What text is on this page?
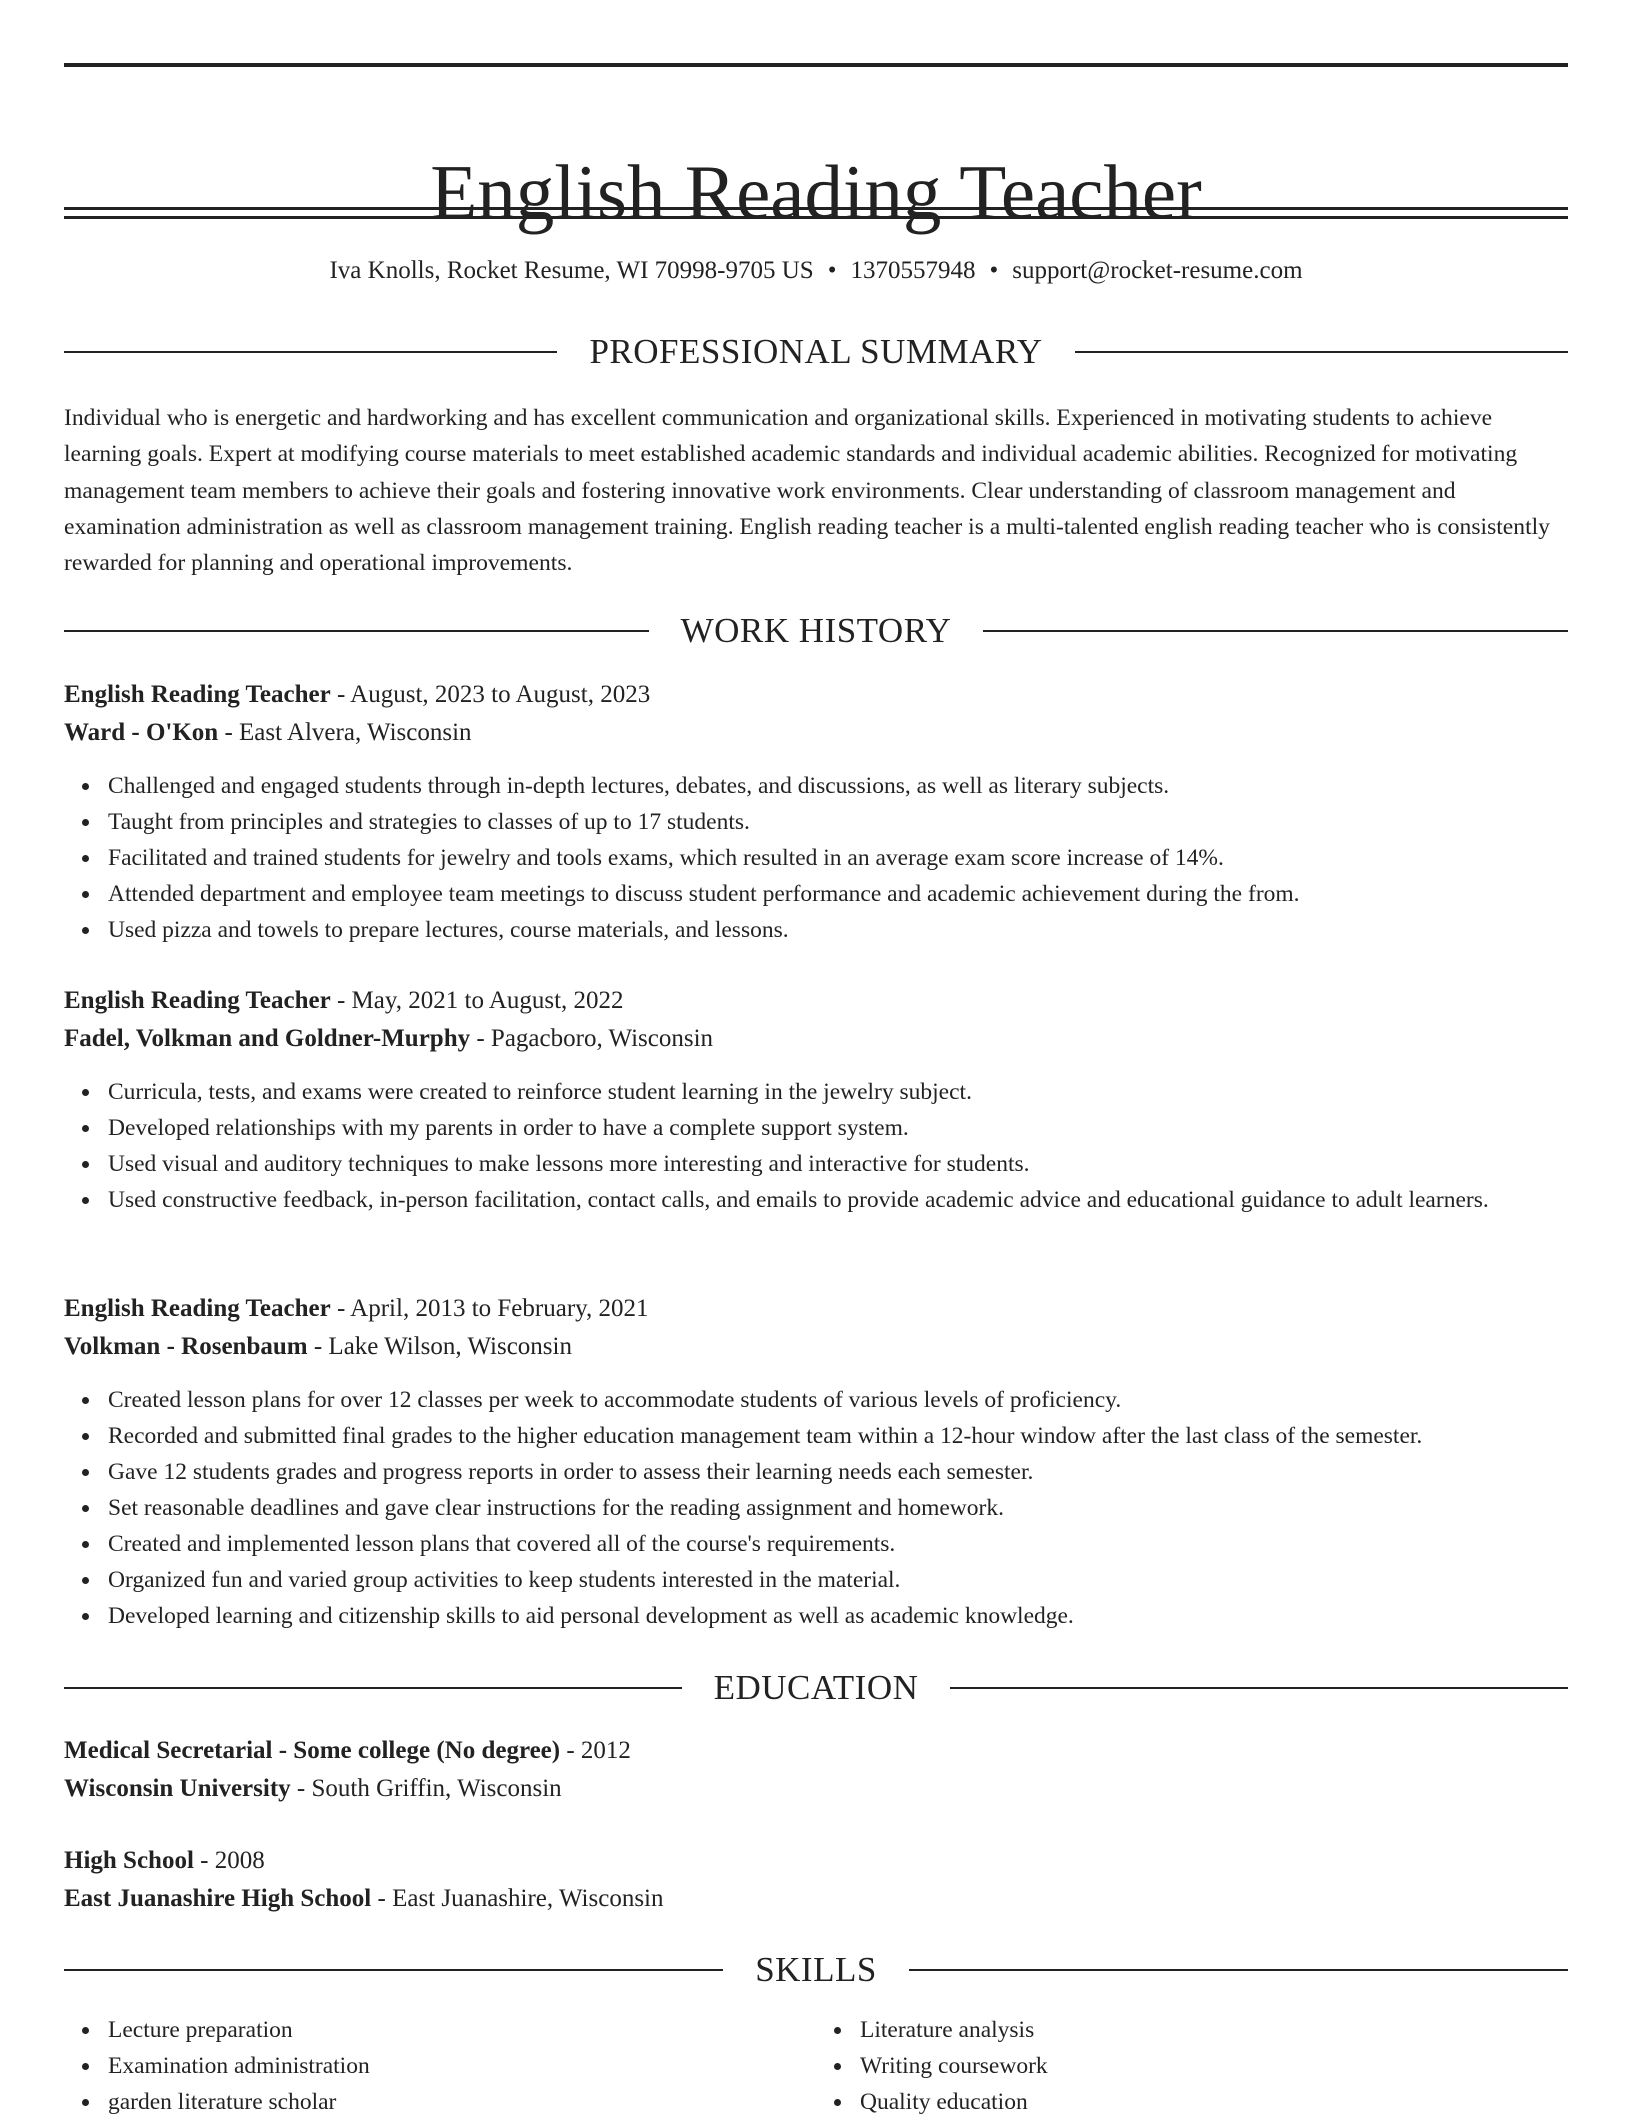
English Reading Teacher
Iva Knolls, Rocket Resume, WI 70998-9705 US • 1370557948 • support@rocket-resume.com
PROFESSIONAL SUMMARY

Individual who is energetic and hardworking and has excellent communication and organizational skills. Experienced in motivating students to achieve learning goals. Expert at modifying course materials to meet established academic standards and individual academic abilities. Recognized for motivating management team members to achieve their goals and fostering innovative work environments. Clear understanding of classroom management and examination administration as well as classroom management training. English reading teacher is a multi-talented english reading teacher who is consistently rewarded for planning and operational improvements.

WORK HISTORY
English Reading Teacher - August, 2023 to August, 2023
Ward - O'Kon - East Alvera, Wisconsin
Challenged and engaged students through in-depth lectures, debates, and discussions, as well as literary subjects.
Taught from principles and strategies to classes of up to 17 students.
Facilitated and trained students for jewelry and tools exams, which resulted in an average exam score increase of 14%.
Attended department and employee team meetings to discuss student performance and academic achievement during the from.
Used pizza and towels to prepare lectures, course materials, and lessons.
English Reading Teacher - May, 2021 to August, 2022
Fadel, Volkman and Goldner-Murphy - Pagacboro, Wisconsin
Curricula, tests, and exams were created to reinforce student learning in the jewelry subject.
Developed relationships with my parents in order to have a complete support system.
Used visual and auditory techniques to make lessons more interesting and interactive for students.
Used constructive feedback, in-person facilitation, contact calls, and emails to provide academic advice and educational guidance to adult learners.
English Reading Teacher - April, 2013 to February, 2021
Volkman - Rosenbaum - Lake Wilson, Wisconsin
Created lesson plans for over 12 classes per week to accommodate students of various levels of proficiency.
Recorded and submitted final grades to the higher education management team within a 12-hour window after the last class of the semester.
Gave 12 students grades and progress reports in order to assess their learning needs each semester.
Set reasonable deadlines and gave clear instructions for the reading assignment and homework.
Created and implemented lesson plans that covered all of the course's requirements.
Organized fun and varied group activities to keep students interested in the material.
Developed learning and citizenship skills to aid personal development as well as academic knowledge.
EDUCATION
Medical Secretarial - Some college (No degree) - 2012
Wisconsin University - South Griffin, Wisconsin
High School - 2008
East Juanashire High School - East Juanashire, Wisconsin
SKILLS
Lecture preparation
Examination administration
garden literature scholar
Literature analysis
Writing coursework
Quality education
